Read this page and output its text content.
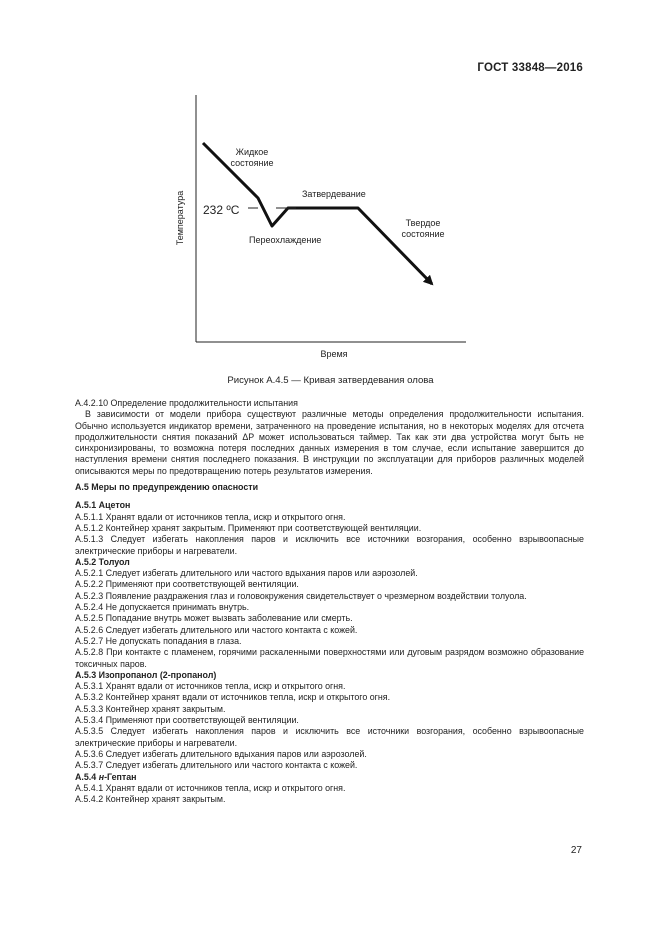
ГОСТ 33848—2016
Жидкое
состояние
232 ºC
Затвердевание
Переохлаждение
Твердое
состояние
Температура
Время
Рисунок А.4.5 — Кривая затвердевания олова

А.4.2.10 Определение продолжительности испытания

В зависимости от модели прибора существуют различные методы определения продолжительности испытания. Обычно используется индикатор времени, затраченного на проведение испытания, но в некоторых моделях для отсчета продолжительности снятия показаний ΔP может использоваться таймер. Так как эти два устройства могут быть не синхронизированы, то возможна потеря последних данных измерения в том случае, если испытание завершится до наступления времени снятия последнего показания. В инструкции по эксплуатации для приборов различных моделей описываются меры по предотвращению потерь результатов измерения.

А.5 Меры по предупреждению опасности

А.5.1 Ацетон

А.5.1.1 Хранят вдали от источников тепла, искр и открытого огня.

А.5.1.2 Контейнер хранят закрытым. Применяют при соответствующей вентиляции.

А.5.1.3 Следует избегать накопления паров и исключить все источники возгорания, особенно взрывоопасные электрические приборы и нагреватели.

А.5.2 Толуол

А.5.2.1 Следует избегать длительного или частого вдыхания паров или аэрозолей.

А.5.2.2 Применяют при соответствующей вентиляции.

А.5.2.3 Появление раздражения глаз и головокружения свидетельствует о чрезмерном воздействии толуола.

А.5.2.4 Не допускается принимать внутрь.

А.5.2.5 Попадание внутрь может вызвать заболевание или смерть.

А.5.2.6 Следует избегать длительного или частого контакта с кожей.

А.5.2.7 Не допускать попадания в глаза.

А.5.2.8 При контакте с пламенем, горячими раскаленными поверхностями или дуговым разрядом возможно образование токсичных паров.

А.5.3 Изопропанол (2-пропанол)

А.5.3.1 Хранят вдали от источников тепла, искр и открытого огня.

А.5.3.2 Контейнер хранят вдали от источников тепла, искр и открытого огня.

А.5.3.3 Контейнер хранят закрытым.

А.5.3.4 Применяют при соответствующей вентиляции.

А.5.3.5 Следует избегать накопления паров и исключить все источники возгорания, особенно взрывоопасные электрические приборы и нагреватели.

А.5.3.6 Следует избегать длительного вдыхания паров или аэрозолей.

А.5.3.7 Следует избегать длительного или частого контакта с кожей.

А.5.4 н-Гептан

А.5.4.1 Хранят вдали от источников тепла, искр и открытого огня.

А.5.4.2 Контейнер хранят закрытым.

27
